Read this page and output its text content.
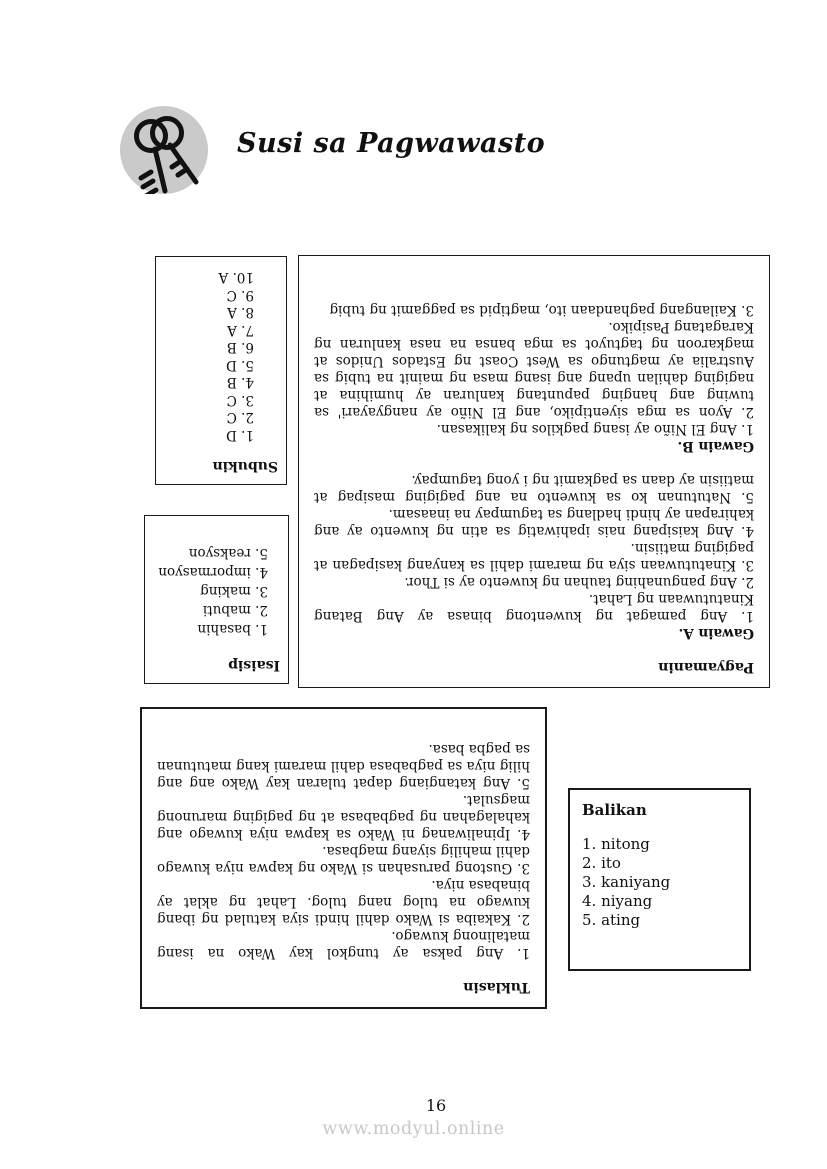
Susi sa Pagwawasto
Subukin
1. D
2. C
3. C
4. B
5. D
6. B
7. A
8. A
9. C
10. A
Pagyamanin
Gawain A.
1. Ang pamagat ng kuwentong binasa ay Ang Batang Kinatutuwaan ng Lahat.
2. Ang pangunahing tauhan ng kuwento ay si Thor.
3. Kinatutuwaan siya ng marami dahil sa kanyang kasipagan at pagiging matiisin.
4. Ang kaisipang nais ipahiwatig sa atin ng kuwento ay ang kahirapan ay hindi hadlang sa tagumpay na inaasam.
5. Natutunan ko sa kuwento na ang pagiging masipag at matiisin ay daan sa pagkamit ng i yong tagumpay.
Gawain B.
1. Ang El Niño ay isang pagkilos ng kalikasan.
2. Ayon sa mga siyentipiko, ang El Niño ay nangyayari' sa tuwing ang hanging papuntang kanluran ay humihina at nagiging dahilan upang ang isang masa ng mainit na tubig sa Australia ay magtungo sa West Coast ng Estados Unidos at magkaroon ng tagtuyot sa mga bansa na nasa kanluran ng Karagatang Pasipiko.
3. Kailangang paghandaan ito, magtipid sa paggamit ng tubig
Isaisip
1. basahin
2. mabuti
3. making
4. impormasyon
5. reaksyon
Tuklasin
1. Ang paksa ay tungkol kay Wako na isang matalinong kuwago.
2. Kakaiba si Wako dahil hindi siya katulad ng ibang kuwago na tulog nang tulog. Lahat ng aklat ay binabasa niya.
3. Gustong parusahan si Wako ng kapwa niya kuwago dahil mahilig siyang magbasa.
4. Ipinaliwanag ni Wako sa kapwa niya kuwago ang kahalagahan ng pagbabasa at ng pagiging marunong magsulat.
5. Ang katangiang dapat tularan kay Wako ang ang hilig niya sa pagbabasa dahil marami kang matutunan sa pagba basa.
Balikan
1. nitong
2. ito
3. kaniyang
4. niyang
5. ating
16
www.modyul.online
